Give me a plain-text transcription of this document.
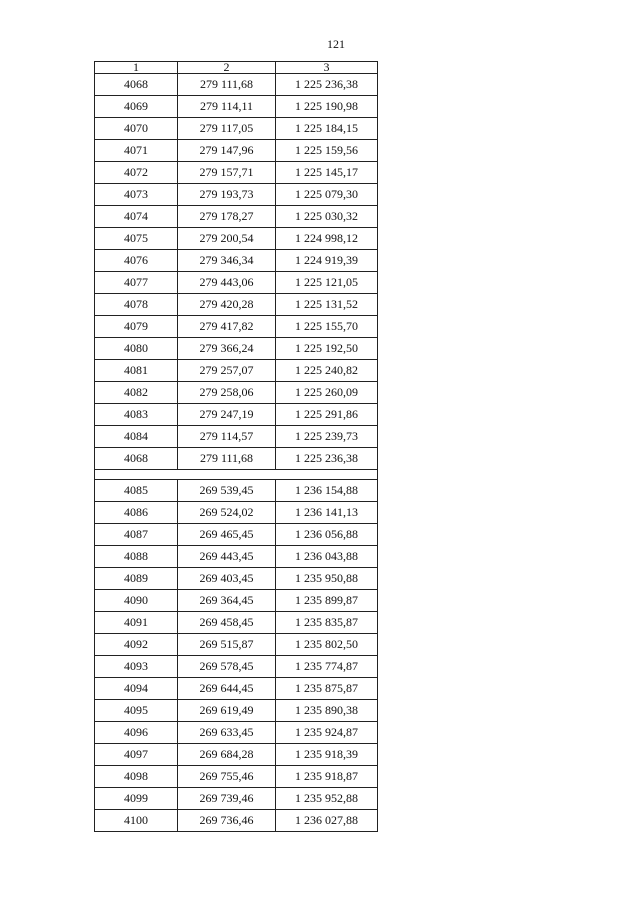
121
1	2	3
4068	279 111,68	1 225 236,38
4069	279 114,11	1 225 190,98
4070	279 117,05	1 225 184,15
4071	279 147,96	1 225 159,56
4072	279 157,71	1 225 145,17
4073	279 193,73	1 225 079,30
4074	279 178,27	1 225 030,32
4075	279 200,54	1 224 998,12
4076	279 346,34	1 224 919,39
4077	279 443,06	1 225 121,05
4078	279 420,28	1 225 131,52
4079	279 417,82	1 225 155,70
4080	279 366,24	1 225 192,50
4081	279 257,07	1 225 240,82
4082	279 258,06	1 225 260,09
4083	279 247,19	1 225 291,86
4084	279 114,57	1 225 239,73
4068	279 111,68	1 225 236,38

4085	269 539,45	1 236 154,88
4086	269 524,02	1 236 141,13
4087	269 465,45	1 236 056,88
4088	269 443,45	1 236 043,88
4089	269 403,45	1 235 950,88
4090	269 364,45	1 235 899,87
4091	269 458,45	1 235 835,87
4092	269 515,87	1 235 802,50
4093	269 578,45	1 235 774,87
4094	269 644,45	1 235 875,87
4095	269 619,49	1 235 890,38
4096	269 633,45	1 235 924,87
4097	269 684,28	1 235 918,39
4098	269 755,46	1 235 918,87
4099	269 739,46	1 235 952,88
4100	269 736,46	1 236 027,88
